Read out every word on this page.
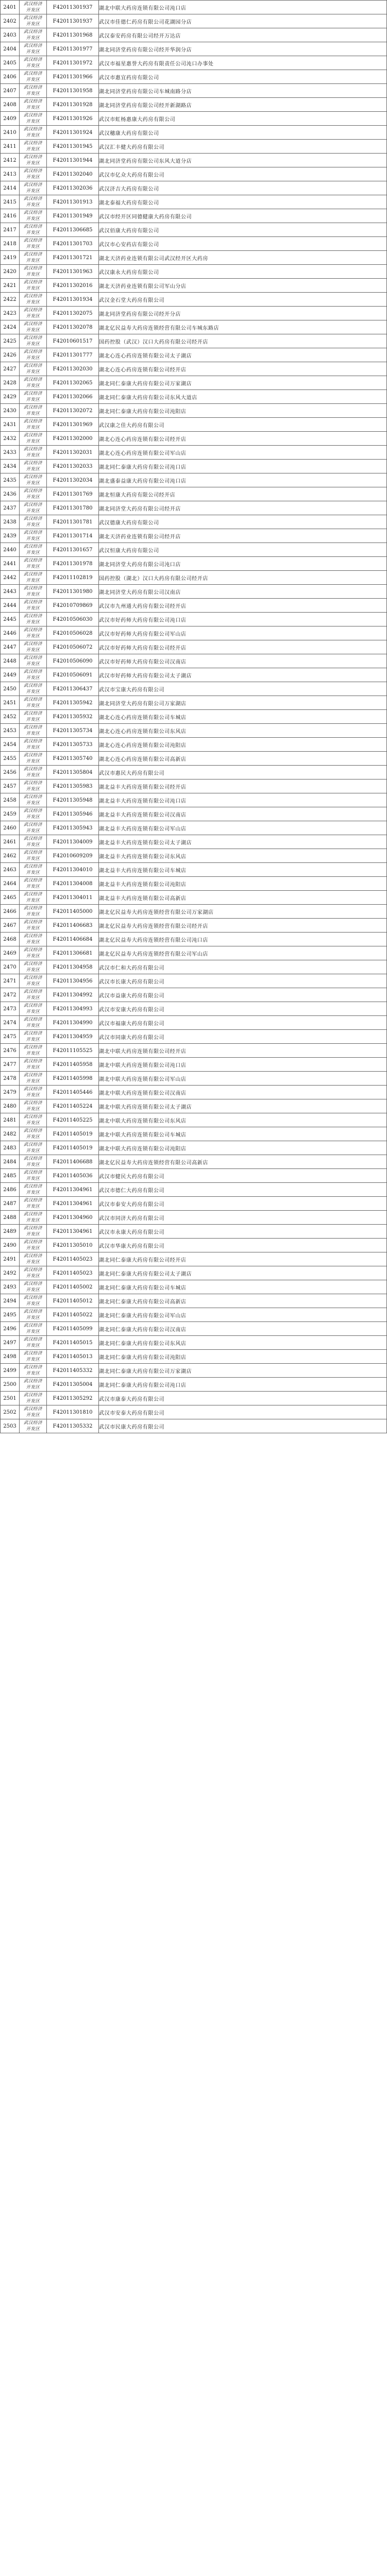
2401	武汉经济
开发区	F42011301937	湖北中联大药房连锁有限公司沌口店
2402	武汉经济
开发区	F42011301937	武汉市佳德仁药房有限公司花湖园分店
2403	武汉经济
开发区	F42011301968	武汉泰安药房有限公司经开万达店
2404	武汉经济
开发区	F42011301977	湖北同济堂药房有限公司经开华润分店
2405	武汉经济
开发区	F42011301972	武汉市福星惠誉大药房有限责任公司沌口办事处
2406	武汉经济
开发区	F42011301966	武汉市惠宜药房有限公司
2407	武汉经济
开发区	F42011301958	湖北同济堂药房有限公司车城南路分店
2408	武汉经济
开发区	F42011301928	湖北同济堂药房有限公司经开新湖路店
2409	武汉经济
开发区	F42011301926	武汉市虹杨惠康大药房有限公司
2410	武汉经济
开发区	F42011301924	武汉穗康大药房有限公司
2411	武汉经济
开发区	F42011301945	武汉汇丰健大药房有限公司
2412	武汉经济
开发区	F42011301944	湖北同济堂药房有限公司东风大道分店
2413	武汉经济
开发区	F42011302040	武汉市亿众大药房有限公司
2414	武汉经济
开发区	F42011302036	武汉济吉大药房有限公司
2415	武汉经济
开发区	F42011301913	湖北泰福大药房有限公司
2416	武汉经济
开发区	F42011301949	武汉市经开区同德健康大药房有限公司
2417	武汉经济
开发区	F42011306685	武汉佰康大药房有限公司
2418	武汉经济
开发区	F42011301703	武汉市心安药店有限公司
2419	武汉经济
开发区	F42011301721	湖北天济药业连锁有限公司武汉经开区大药房
2420	武汉经济
开发区	F42011301963	武汉康永大药房有限公司
2421	武汉经济
开发区	F42011302016	湖北天济药业连锁有限公司军山分店
2422	武汉经济
开发区	F42011301934	武汉金石堂大药房有限公司
2423	武汉经济
开发区	F42011302075	湖北同济堂药房有限公司经开分店
2424	武汉经济
开发区	F42011302078	湖北亿民益寿大药房连锁经营有限公司车城东路店
2425	武汉经济
开发区	F42010601517	国药控股（武汉）汉口大药房有限公司经开店
2426	武汉经济
开发区	F42011301777	湖北心连心药房连锁有限公司太子湖店
2427	武汉经济
开发区	F42011302030	湖北心连心药房连锁有限公司经开店
2428	武汉经济
开发区	F42011302065	湖北同仁泰康大药房有限公司万家湖店
2429	武汉经济
开发区	F42011302066	湖北同仁泰康大药房有限公司东风大道店
2430	武汉经济
开发区	F42011302072	湖北同仁泰康大药房有限公司沌阳店
2431	武汉经济
开发区	F42011301969	武汉康之佳大药房有限公司
2432	武汉经济
开发区	F42011302000	湖北心连心药房连锁有限公司经开店
2433	武汉经济
开发区	F42011302031	湖北心连心药房连锁有限公司军山店
2434	武汉经济
开发区	F42011302033	湖北同仁泰康大药房有限公司沌口店
2435	武汉经济
开发区	F42011302034	湖北盛泰益康大药房有限公司沌口店
2436	武汉经济
开发区	F42011301769	湖北恒康大药房有限公司经开店
2437	武汉经济
开发区	F42011301780	湖北同济堂大药房有限公司经开店
2438	武汉经济
开发区	F42011301781	武汉德康大药房有限公司
2439	武汉经济
开发区	F42011301714	湖北天济药业连锁有限公司经开店
2440	武汉经济
开发区	F42011301657	武汉恒康大药房有限公司
2441	武汉经济
开发区	F42011301978	湖北同济堂大药房有限公司沌口店
2442	武汉经济
开发区	F42011102819	国药控股（湖北）汉口大药房有限公司经开店
2443	武汉经济
开发区	F42011301980	湖北同济堂大药房有限公司汉南店
2444	武汉经济
开发区	F42010709869	武汉市九州通大药房有限公司经开店
2445	武汉经济
开发区	F42010506030	武汉市好药师大药房有限公司沌口店
2446	武汉经济
开发区	F42010506028	武汉市好药师大药房有限公司军山店
2447	武汉经济
开发区	F42010506072	武汉市好药师大药房有限公司经开店
2448	武汉经济
开发区	F42010506090	武汉市好药师大药房有限公司汉南店
2449	武汉经济
开发区	F42010506091	武汉市好药师大药房有限公司太子湖店
2450	武汉经济
开发区	F42011306437	武汉市宝康大药房有限公司
2451	武汉经济
开发区	F42011305942	湖北同济堂大药房有限公司万家湖店
2452	武汉经济
开发区	F42011305932	湖北心连心药房连锁有限公司车城店
2453	武汉经济
开发区	F42011305734	湖北心连心药房连锁有限公司东风店
2454	武汉经济
开发区	F42011305733	湖北心连心药房连锁有限公司沌阳店
2455	武汉经济
开发区	F42011305740	湖北心连心药房连锁有限公司高新店
2456	武汉经济
开发区	F42011305804	武汉市惠民大药房有限公司
2457	武汉经济
开发区	F42011305983	湖北益丰大药房连锁有限公司经开店
2458	武汉经济
开发区	F42011305948	湖北益丰大药房连锁有限公司沌口店
2459	武汉经济
开发区	F42011305946	湖北益丰大药房连锁有限公司汉南店
2460	武汉经济
开发区	F42011305943	湖北益丰大药房连锁有限公司军山店
2461	武汉经济
开发区	F42011304009	湖北益丰大药房连锁有限公司太子湖店
2462	武汉经济
开发区	F42010609209	湖北益丰大药房连锁有限公司东风店
2463	武汉经济
开发区	F42011304010	湖北益丰大药房连锁有限公司车城店
2464	武汉经济
开发区	F42011304008	湖北益丰大药房连锁有限公司沌阳店
2465	武汉经济
开发区	F42011304011	湖北益丰大药房连锁有限公司高新店
2466	武汉经济
开发区	F42011405000	湖北亿民益寿大药房连锁经营有限公司万家湖店
2467	武汉经济
开发区	F42011406683	湖北亿民益寿大药房连锁经营有限公司经开店
2468	武汉经济
开发区	F42011406684	湖北亿民益寿大药房连锁经营有限公司沌口店
2469	武汉经济
开发区	F42011306681	湖北亿民益寿大药房连锁经营有限公司军山店
2470	武汉经济
开发区	F42011304958	武汉市仁和大药房有限公司
2471	武汉经济
开发区	F42011304956	武汉市长康大药房有限公司
2472	武汉经济
开发区	F42011304992	武汉市益康大药房有限公司
2473	武汉经济
开发区	F42011304993	武汉市安康大药房有限公司
2474	武汉经济
开发区	F42011304990	武汉市福康大药房有限公司
2475	武汉经济
开发区	F42011304959	武汉市同康大药房有限公司
2476	武汉经济
开发区	F42011105525	湖北中联大药房连锁有限公司经开店
2477	武汉经济
开发区	F42011405958	湖北中联大药房连锁有限公司沌口店
2478	武汉经济
开发区	F42011405998	湖北中联大药房连锁有限公司军山店
2479	武汉经济
开发区	F42011405446	湖北中联大药房连锁有限公司汉南店
2480	武汉经济
开发区	F42011405224	湖北中联大药房连锁有限公司太子湖店
2481	武汉经济
开发区	F42011405225	湖北中联大药房连锁有限公司东风店
2482	武汉经济
开发区	F42011405019	湖北中联大药房连锁有限公司车城店
2483	武汉经济
开发区	F42011405019	湖北中联大药房连锁有限公司沌阳店
2484	武汉经济
开发区	F42011406688	湖北亿民益寿大药房连锁经营有限公司高新店
2485	武汉经济
开发区	F42011405036	武汉市健民大药房有限公司
2486	武汉经济
开发区	F42011304961	武汉市德仁大药房有限公司
2487	武汉经济
开发区	F42011304961	武汉市泰安大药房有限公司
2488	武汉经济
开发区	F42011304960	武汉市同济大药房有限公司
2489	武汉经济
开发区	F42011304961	武汉市永康大药房有限公司
2490	武汉经济
开发区	F42011305010	武汉市华康大药房有限公司
2491	武汉经济
开发区	F42011405023	湖北同仁泰康大药房有限公司经开店
2492	武汉经济
开发区	F42011405023	湖北同仁泰康大药房有限公司太子湖店
2493	武汉经济
开发区	F42011405002	湖北同仁泰康大药房有限公司车城店
2494	武汉经济
开发区	F42011405012	湖北同仁泰康大药房有限公司高新店
2495	武汉经济
开发区	F42011405022	湖北同仁泰康大药房有限公司军山店
2496	武汉经济
开发区	F42011405099	湖北同仁泰康大药房有限公司汉南店
2497	武汉经济
开发区	F42011405015	湖北同仁泰康大药房有限公司东风店
2498	武汉经济
开发区	F42011405013	湖北同仁泰康大药房有限公司沌阳店
2499	武汉经济
开发区	F42011405332	湖北同仁泰康大药房有限公司万家湖店
2500	武汉经济
开发区	F42011305004	湖北同仁泰康大药房有限公司沌口店
2501	武汉经济
开发区	F42011305292	武汉市康泰大药房有限公司
2502	武汉经济
开发区	F42011301810	武汉市安泰大药房有限公司
2503	武汉经济
开发区	F42011305332	武汉市民康大药房有限公司
